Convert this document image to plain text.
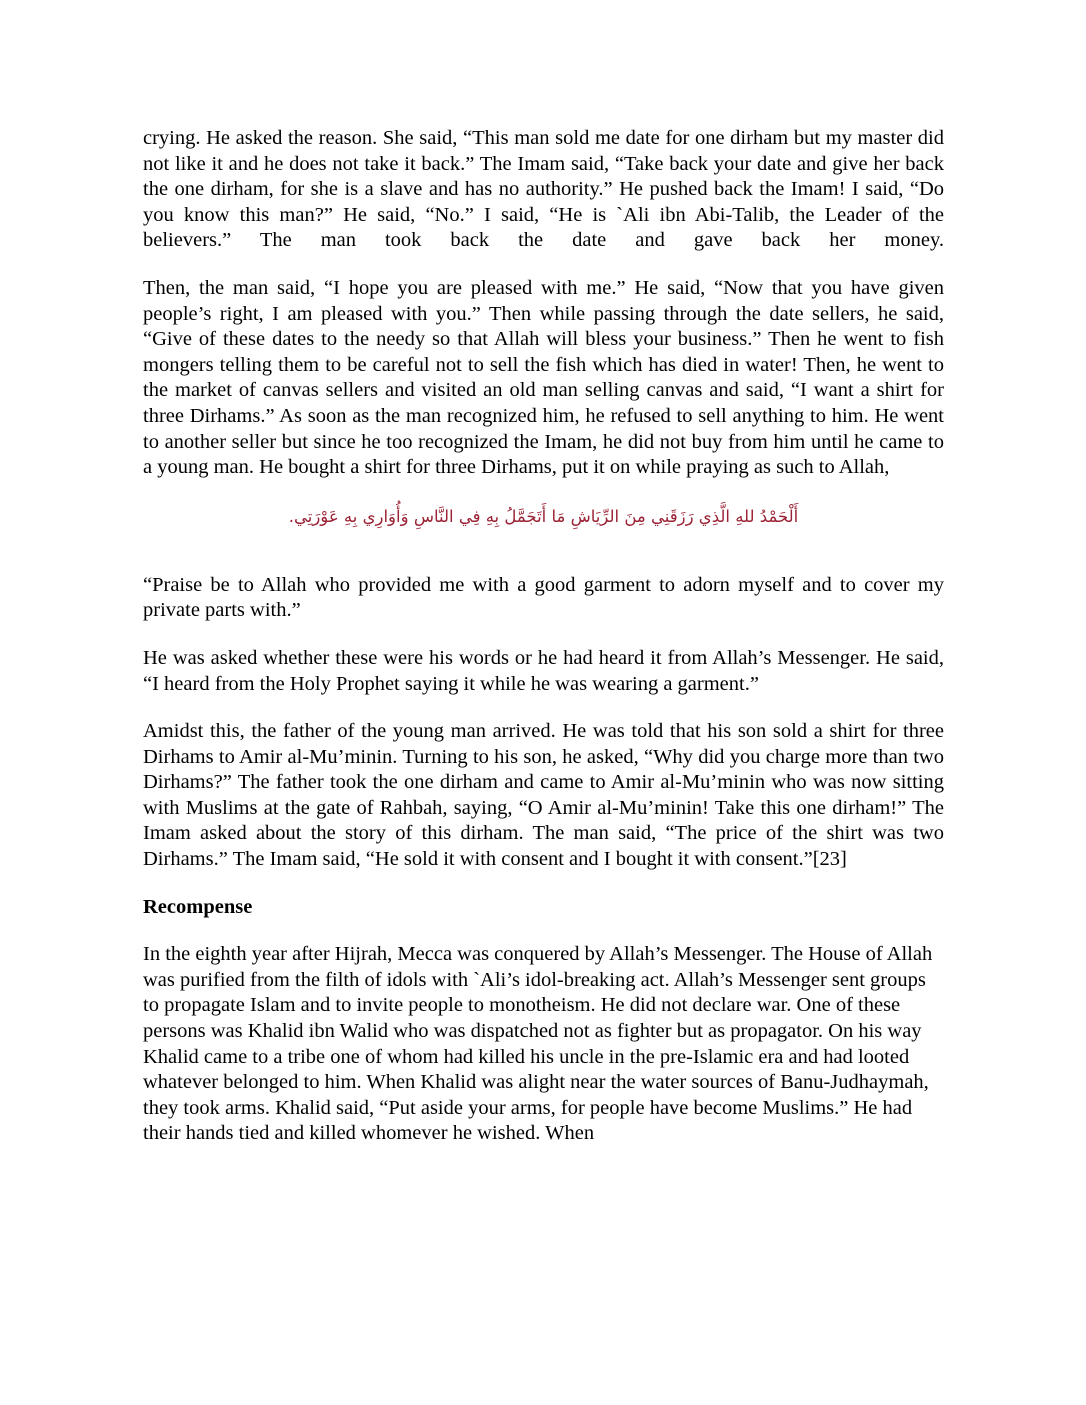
crying. He asked the reason. She said, “This man sold me date for one dirham but my master did not like it and he does not take it back.” The Imam said, “Take back your date and give her back the one dirham, for she is a slave and has no authority.” He pushed back the Imam! I said, “Do you know this man?” He said, “No.” I said, “He is `Ali ibn Abi-Talib, the Leader of the believers.” The man took back the date and gave back her money.

Then, the man said, “I hope you are pleased with me.” He said, “Now that you have given people’s right, I am pleased with you.” Then while passing through the date sellers, he said, “Give of these dates to the needy so that Allah will bless your business.” Then he went to fish mongers telling them to be careful not to sell the fish which has died in water! Then, he went to the market of canvas sellers and visited an old man selling canvas and said, “I want a shirt for three Dirhams.” As soon as the man recognized him, he refused to sell anything to him. He went to another seller but since he too recognized the Imam, he did not buy from him until he came to a young man. He bought a shirt for three Dirhams, put it on while praying as such to Allah,

أَلْحَمْدُ للهِ الَّذِي رَزَقَنِي مِنَ الرِّيَاشِ مَا أَتَجَمَّلُ بِهِ فِي النَّاسِ وَأُوَارِي بِهِ عَوْرَتِي.

“Praise be to Allah who provided me with a good garment to adorn myself and to cover my private parts with.”

He was asked whether these were his words or he had heard it from Allah’s Messenger. He said, “I heard from the Holy Prophet saying it while he was wearing a garment.”

Amidst this, the father of the young man arrived. He was told that his son sold a shirt for three Dirhams to Amir al-Mu’minin. Turning to his son, he asked, “Why did you charge more than two Dirhams?” The father took the one dirham and came to Amir al-Mu’minin who was now sitting with Muslims at the gate of Rahbah, saying, “O Amir al-Mu’minin! Take this one dirham!” The Imam asked about the story of this dirham. The man said, “The price of the shirt was two Dirhams.” The Imam said, “He sold it with consent and I bought it with consent.”[23]

Recompense

In the eighth year after Hijrah, Mecca was conquered by Allah’s Messenger. The House of Allah was purified from the filth of idols with `Ali’s idol-breaking act. Allah’s Messenger sent groups to propagate Islam and to invite people to monotheism. He did not declare war. One of these persons was Khalid ibn Walid who was dispatched not as fighter but as propagator. On his way Khalid came to a tribe one of whom had killed his uncle in the pre-Islamic era and had looted whatever belonged to him. When Khalid was alight near the water sources of Banu-Judhaymah, they took arms. Khalid said, “Put aside your arms, for people have become Muslims.” He had their hands tied and killed whomever he wished. When
